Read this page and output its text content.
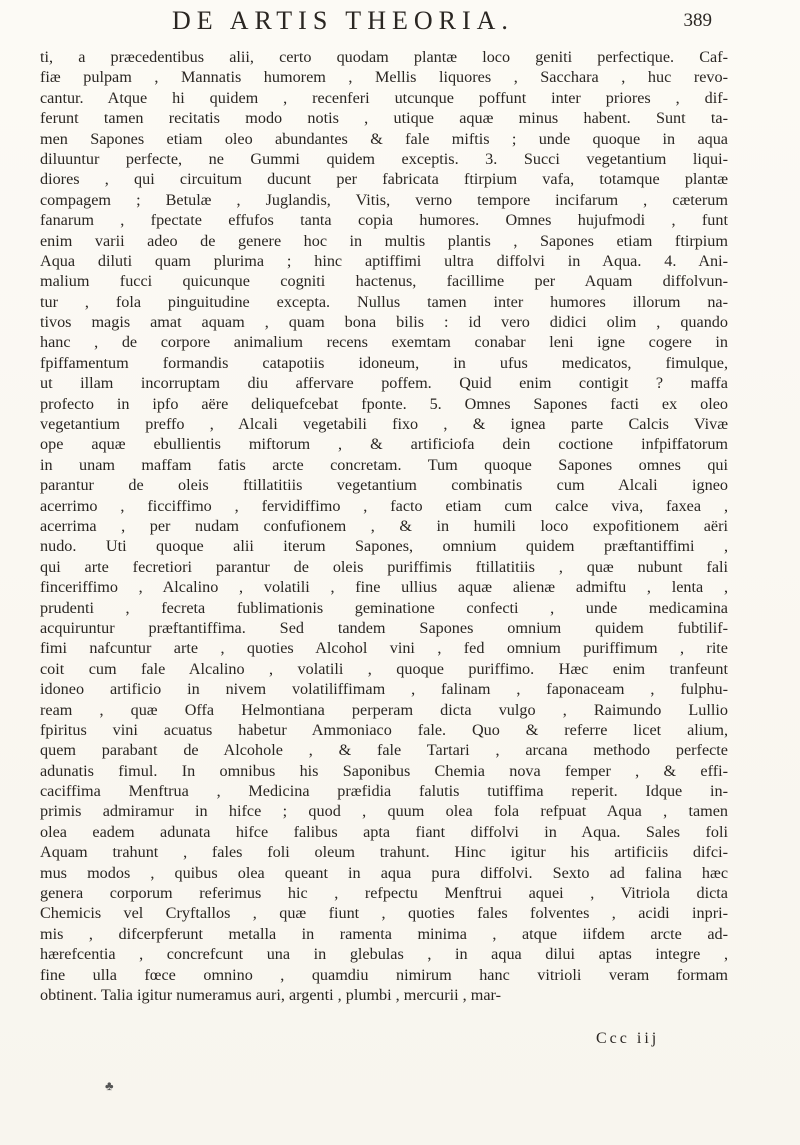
DE ARTIS THEORIA.	389
ti, a præcedentibus alii, certo quodam plantæ loco geniti perfectique. Caf-
fiæ pulpam , Mannatis humorem , Mellis liquores , Sacchara , huc revo-
cantur. Atque hi quidem , recenferi utcunque poffunt inter priores , dif-
ferunt tamen recitatis modo notis , utique aquæ minus habent. Sunt ta-
men Sapones etiam oleo abundantes & fale miftis ; unde quoque in aqua
diluuntur perfecte, ne Gummi quidem exceptis. 3. Succi vegetantium liqui-
diores , qui circuitum ducunt per fabricata ftirpium vafa, totamque plantæ
compagem ; Betulæ , Juglandis, Vitis, verno tempore incifarum , cæterum
fanarum , fpectate effufos tanta copia humores. Omnes hujufmodi , funt
enim varii adeo de genere hoc in multis plantis , Sapones etiam ftirpium
Aqua diluti quam plurima ; hinc aptiffimi ultra diffolvi in Aqua. 4. Ani-
malium fucci quicunque cogniti hactenus, facillime per Aquam diffolvun-
tur , fola pinguitudine excepta. Nullus tamen inter humores illorum na-
tivos magis amat aquam , quam bona bilis : id vero didici olim , quando
hanc , de corpore animalium recens exemtam conabar leni igne cogere in
fpiffamentum formandis catapotiis idoneum, in ufus medicatos, fimulque,
ut illam incorruptam diu affervare poffem. Quid enim contigit ? maffa
profecto in ipfo aëre deliquefcebat fponte. 5. Omnes Sapones facti ex oleo
vegetantium preffo , Alcali vegetabili fixo , & ignea parte Calcis Vivæ
ope aquæ ebullientis miftorum , & artificiofa dein coctione infpiffatorum
in unam maffam fatis arcte concretam. Tum quoque Sapones omnes qui
parantur de oleis ftillatitiis vegetantium combinatis cum Alcali igneo
acerrimo , ficciffimo , fervidiffimo , facto etiam cum calce viva, faxea ,
acerrima , per nudam confufionem , & in humili loco expofitionem aëri
nudo. Uti quoque alii iterum Sapones, omnium quidem præftantiffimi ,
qui arte fecretiori parantur de oleis puriffimis ftillatitiis , quæ nubunt fali
finceriffimo , Alcalino , volatili , fine ullius aquæ alienæ admiftu , lenta ,
prudenti , fecreta fublimationis geminatione confecti , unde medicamina
acquiruntur præftantiffima. Sed tandem Sapones omnium quidem fubtilif-
fimi nafcuntur arte , quoties Alcohol vini , fed omnium puriffimum , rite
coit cum fale Alcalino , volatili , quoque puriffimo. Hæc enim tranfeunt
idoneo artificio in nivem volatiliffimam , falinam , faponaceam , fulphu-
ream , quæ Offa Helmontiana perperam dicta vulgo , Raimundo Lullio
fpiritus vini acuatus habetur Ammoniaco fale. Quo & referre licet alium,
quem parabant de Alcohole , & fale Tartari , arcana methodo perfecte
adunatis fimul. In omnibus his Saponibus Chemia nova femper , & effi-
caciffima Menftrua , Medicina præfidia falutis tutiffima reperit. Idque in-
primis admiramur in hifce ; quod , quum olea fola refpuat Aqua , tamen
olea eadem adunata hifce falibus apta fiant diffolvi in Aqua. Sales foli
Aquam trahunt , fales foli oleum trahunt. Hinc igitur his artificiis difci-
mus modos , quibus olea queant in aqua pura diffolvi. Sexto ad falina hæc
genera corporum referimus hic , refpectu Menftrui aquei , Vitriola dicta
Chemicis vel Cryftallos , quæ fiunt , quoties fales folventes , acidi inpri-
mis , difcerpferunt metalla in ramenta minima , atque iifdem arcte ad-
hærefcentia , concrefcunt una in glebulas , in aqua dilui aptas integre ,
fine ulla fœce omnino , quamdiu nimirum hanc vitrioli veram formam
obtinent. Talia igitur numeramus auri, argenti , plumbi , mercurii , mar-
Ccc iij
♣
